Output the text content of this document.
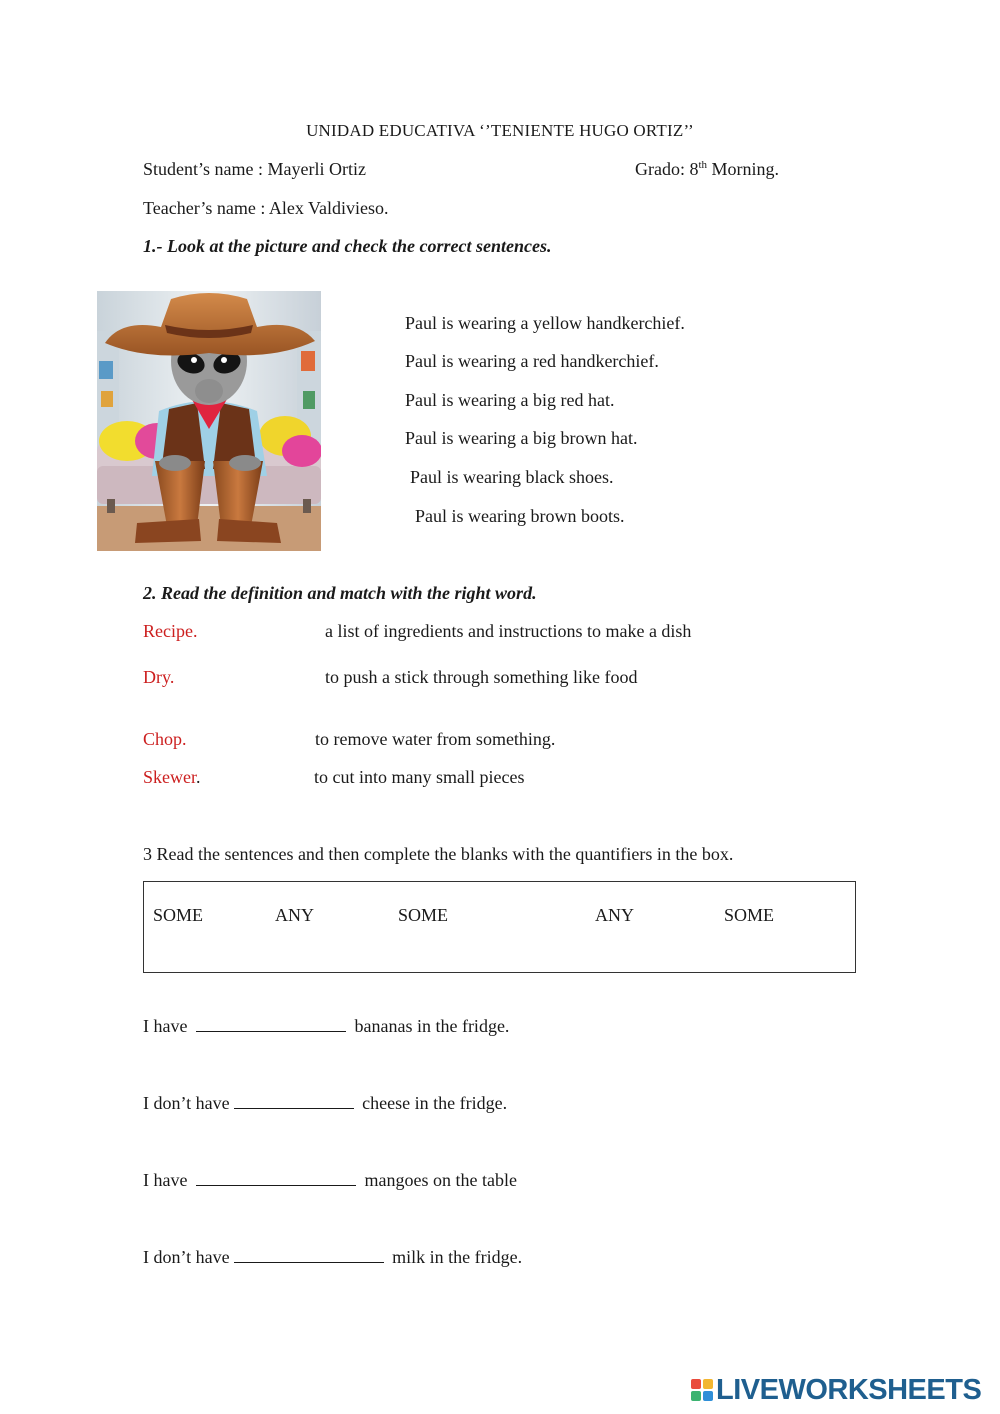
UNIDAD EDUCATIVA ‘’TENIENTE HUGO ORTIZ’’
Student’s name : Mayerli Ortiz	Grado: 8th Morning.
Teacher’s name : Alex Valdivieso.
1.- Look at the picture and check the correct sentences.
Paul is wearing a yellow handkerchief.
Paul is wearing a red handkerchief.
Paul is wearing a big red hat.
Paul is wearing a big brown hat.
Paul is wearing black shoes.
Paul is wearing brown boots.
2. Read the definition and match with the right word.
Recipe.	a list of ingredients and instructions to make a dish
Dry.	to push a stick through something like food
Chop.	to remove water from something.
Skewer.	to cut into many small pieces
3 Read the sentences and then complete the blanks with the quantifiers in the box.
SOME	ANY	SOME	ANY	SOME
I have	bananas in the fridge.
I don’t have	cheese in the fridge.
I have	mangoes on the table
I don’t have	milk in the fridge.
LIVEWORKSHEETS
